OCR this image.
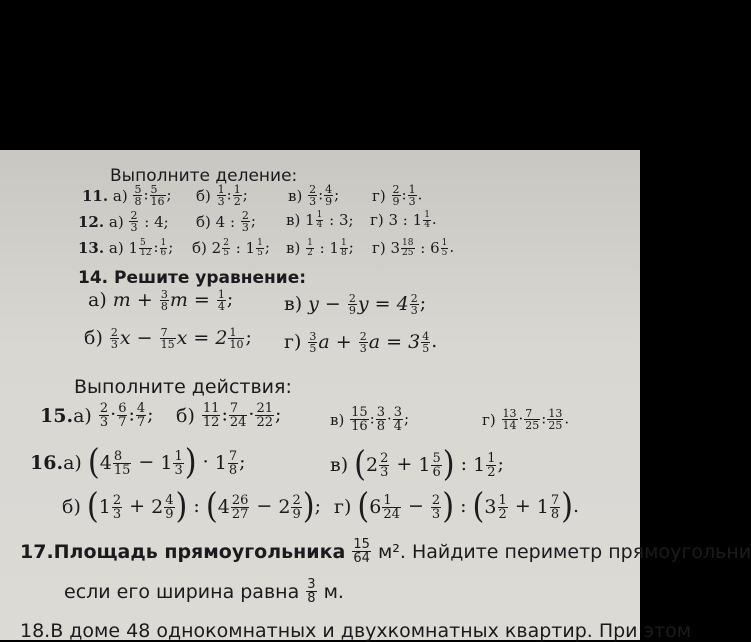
Выполните деление:
11. $а) \frac{5}{8}$ : $\frac{5}{16}$ ; $б) \frac{1}{3}$ : $\frac{1}{2}$ ;	$в) \frac{2}{3}$ : $\frac{4}{9}$ ; $г) \frac{2}{9}$ : $\frac{1}{3}$ .
12. $а) \frac{2}{3}$ : 4; б) 4 : $\frac{2}{3}$ ; в) $1 \frac{1}{4}$ : 3; г) 3 : $1 \frac{1}{4}$ .
13. а) $1 \frac{5}{12}$ : $\frac{1}{6}$ ; б) $2 \frac{2}{5}$ : $1 \frac{1}{5}$ ; $в) \frac{1}{2}$ : $1 \frac{1}{8}$ ; г) $3 \frac{18}{25}$ : $6 \frac{1}{5}$ .
14. Решите уравнение:
а) $m + \frac{3}{8}$ $m = \frac{1}{4}$ ;	в) $y - \frac{2}{9}$ $y = 4 \frac{2}{3}$ ;
$б) \frac{2}{3}$ $x - \frac{7}{15}$ $x = 2 \frac{1}{10}$ ; $г) \frac{3}{5}$ $a + \frac{2}{3}$ $a = 3 \frac{4}{5}$ .
Выполните действия:
$15.а) \frac{2}{3} \cdot \frac{6}{7}$ : $\frac{4}{7}$ ; $б) \frac{11}{12}$ : $\frac{7}{24} \cdot \frac{21}{22}$ ;	$в) \frac{15}{16}$ : $\frac{3}{8} \cdot \frac{3}{4}$ ;	$г) \frac{13}{14} \cdot \frac{7}{25}$ : $\frac{13}{25}$ .
16.а) ($4 \frac{8}{15} - 1 \frac{1}{3}$ ) · $1 \frac{7}{8}$ ;	в) ($2 \frac{2}{3} + 1 \frac{5}{6}$ ) : $1 \frac{1}{2}$ ;
б) ($1 \frac{2}{3} + 2 \frac{4}{9}$ ) : ($4 \frac{26}{27} - 2 \frac{2}{9}$ ); г) ($6 \frac{1}{24} - \frac{2}{3}$ ) : ($3 \frac{1}{2} + 1 \frac{7}{8}$ ).
17.Площадь прямоугольника $\frac{15}{64} м^2$. Найдите периметр прямоугольни
если его ширина равна $\frac{3}{8} м$.
18.В доме 48 однокомнатных и двухкомнатных квартир. При этом
